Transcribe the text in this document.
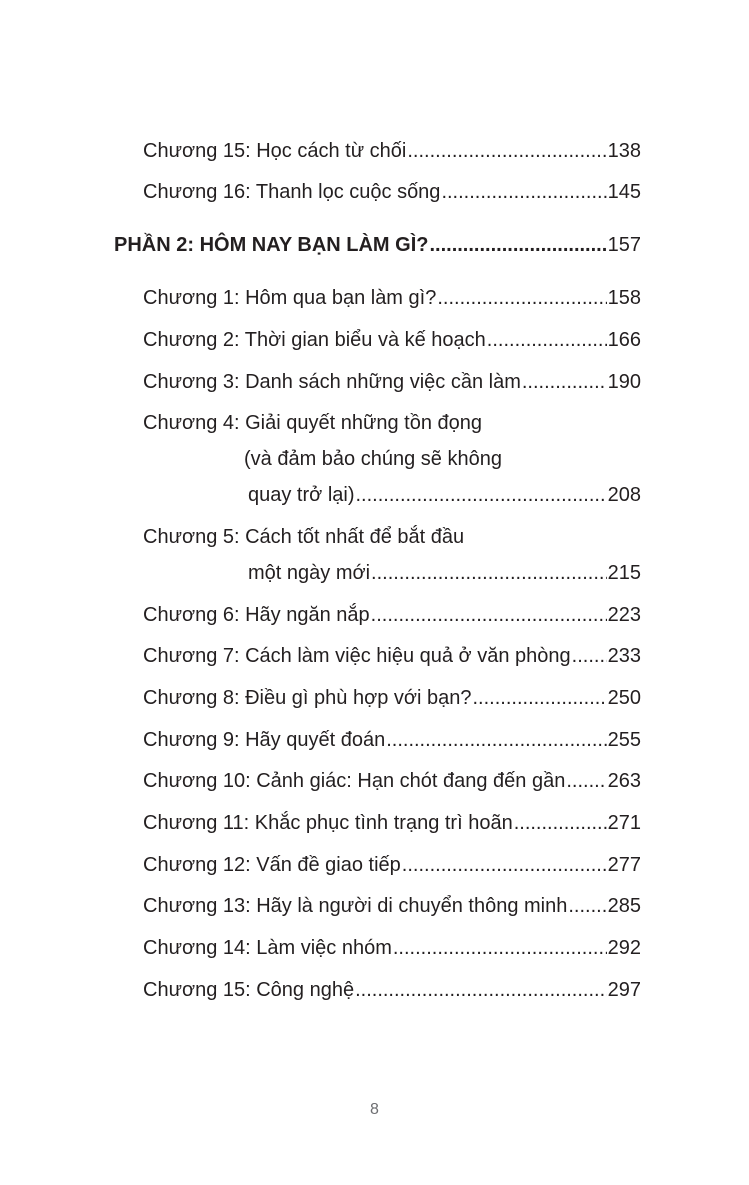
Chương 15: Học cách từ chối .....	138
Chương 16: Thanh lọc cuộc sống .....	145
PHẦN 2: HÔM NAY BẠN LÀM GÌ? .....	157
Chương 1: Hôm qua bạn làm gì? .....	158
Chương 2: Thời gian biểu và kế hoạch .....	166
Chương 3: Danh sách những việc cần làm .....	190
Chương 4: Giải quyết những tồn đọng
(và đảm bảo chúng sẽ không
quay trở lại) .....	208
Chương 5: Cách tốt nhất để bắt đầu
một ngày mới .....	215
Chương 6: Hãy ngăn nắp .....	223
Chương 7: Cách làm việc hiệu quả ở văn phòng ..... 233
Chương 8: Điều gì phù hợp với bạn? .....	250
Chương 9: Hãy quyết đoán .....	255
Chương 10: Cảnh giác: Hạn chót đang đến gần ..... 263
Chương 11: Khắc phục tình trạng trì hoãn .....	271
Chương 12: Vấn đề giao tiếp .....	277
Chương 13: Hãy là người di chuyển thông minh ..... 285
Chương 14: Làm việc nhóm .....	292
Chương 15: Công nghệ .....	297
8
